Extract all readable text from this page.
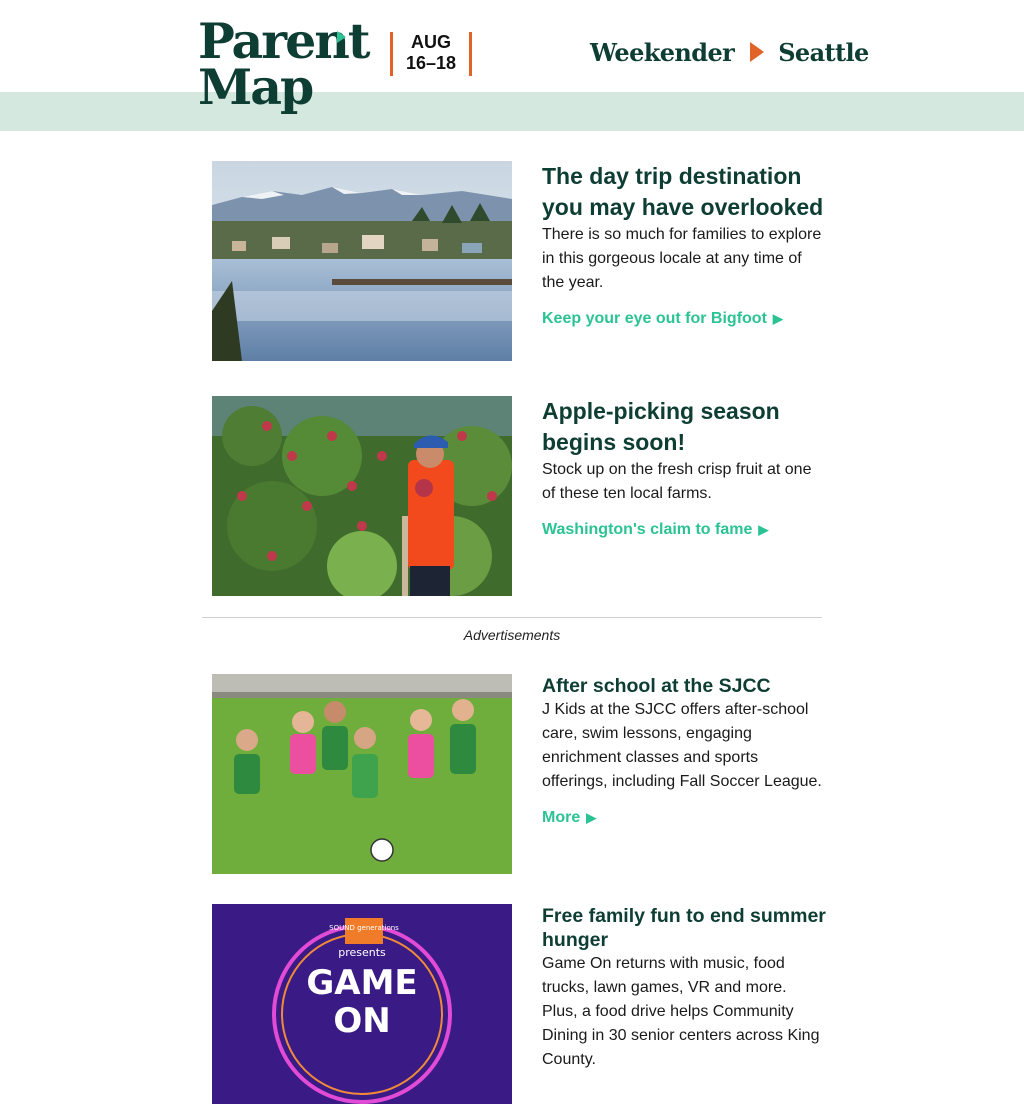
Parent
Map
AUG
16–18	Weekender Seattle
The day trip destination you may have overlooked

There is so much for families to explore in this gorgeous locale at any time of the year.

Keep your eye out for Bigfoot ▶
Apple-picking season begins soon!

Stock up on the fresh crisp fruit at one of these ten local farms.

Washington's claim to fame ▶
Advertisements
After school at the SJCC

J Kids at the SJCC offers after-school care, swim lessons, engaging enrichment classes and sports offerings, including Fall Soccer League.

More ▶
SOUND generations
presents
GAME
ON
Free family fun to end summer hunger

Game On returns with music, food trucks, lawn games, VR and more. Plus, a food drive helps Community Dining in 30 senior centers across King County.
